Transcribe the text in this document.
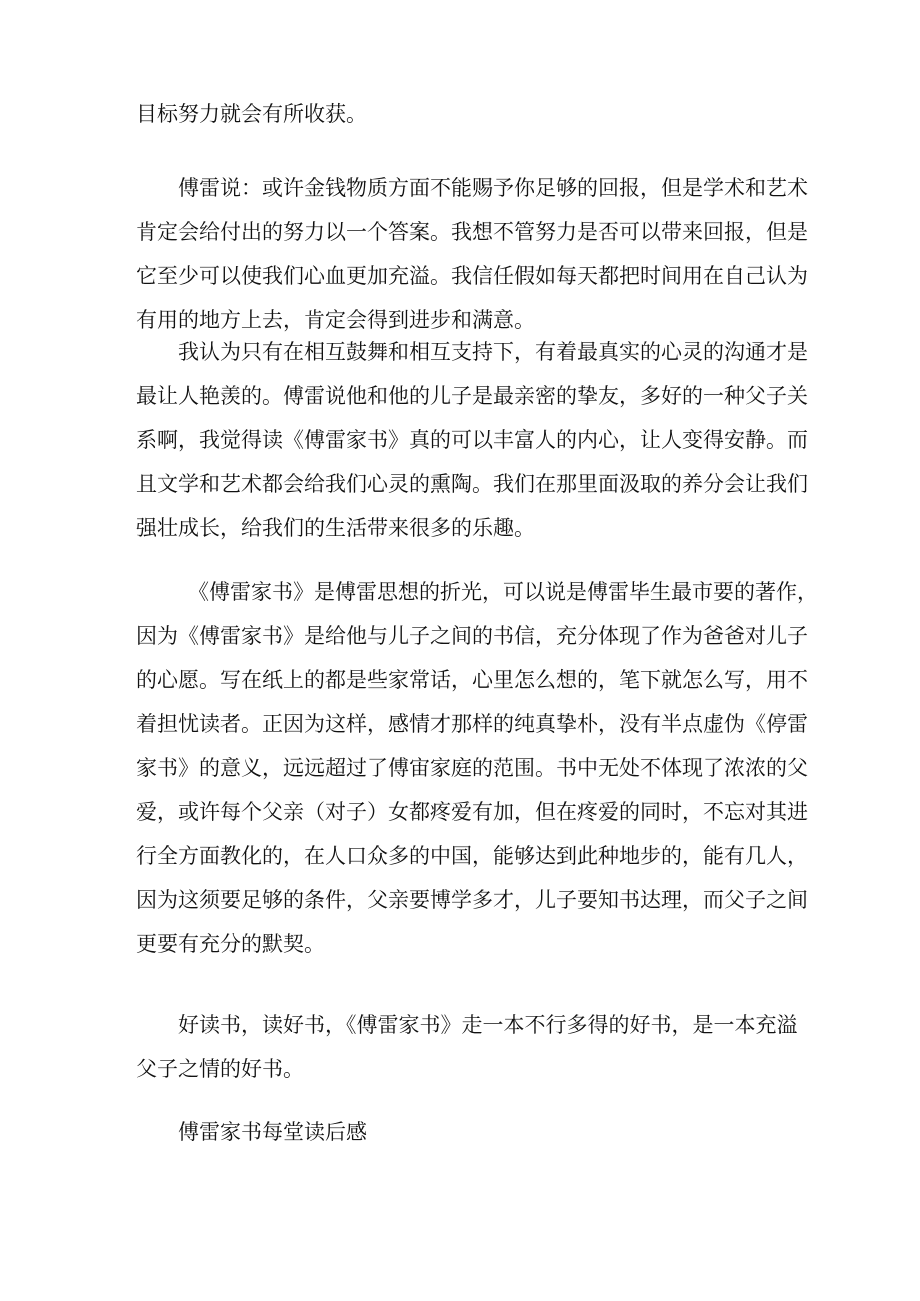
目标努力就会有所收获。
傅雷说：或许金钱物质方面不能赐予你足够的回报，但是学术和艺术
肯定会给付出的努力以一个答案。我想不管努力是否可以带来回报，但是
它至少可以使我们心血更加充溢。我信任假如每天都把时间用在自己认为
有用的地方上去，肯定会得到进步和满意。
我认为只有在相互鼓舞和相互支持下，有着最真实的心灵的沟通才是
最让人艳羡的。傅雷说他和他的儿子是最亲密的挚友，多好的一种父子关
系啊，我觉得读《傅雷家书》真的可以丰富人的内心，让人变得安静。而
且文学和艺术都会给我们心灵的熏陶。我们在那里面汲取的养分会让我们
强壮成长，给我们的生活带来很多的乐趣。
《傅雷家书》是傅雷思想的折光，可以说是傅雷毕生最市要的著作，
因为《傅雷家书》是给他与儿子之间的书信，充分体现了作为爸爸对儿子
的心愿。写在纸上的都是些家常话，心里怎么想的，笔下就怎么写，用不
着担忧读者。正因为这样，感情才那样的纯真挚朴，没有半点虚伪《停雷
家书》的意义，远远超过了傅宙家庭的范围。书中无处不体现了浓浓的父
爱，或许每个父亲（对子）女都疼爱有加，但在疼爱的同时，不忘对其进
行全方面教化的，在人口众多的中国，能够达到此种地步的，能有几人，
因为这须要足够的条件，父亲要博学多才，儿子要知书达理，而父子之间
更要有充分的默契。
好读书，读好书，《傅雷家书》走一本不行多得的好书，是一本充溢
父子之情的好书。
傅雷家书每堂读后感
